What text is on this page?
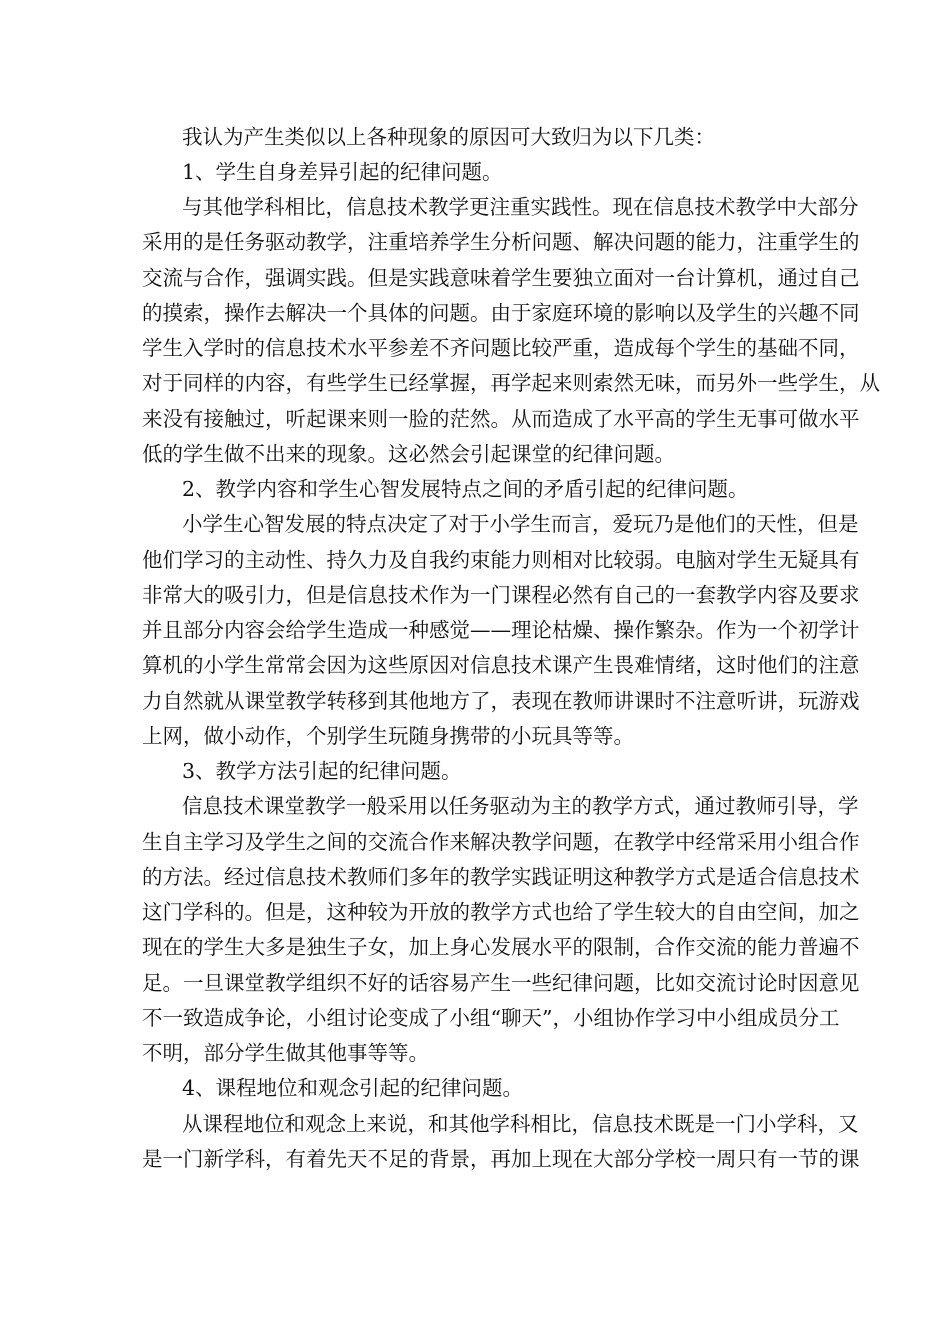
我认为产生类似以上各种现象的原因可大致归为以下几类：
1、学生自身差异引起的纪律问题。
与其他学科相比，信息技术教学更注重实践性。现在信息技术教学中大部分
采用的是任务驱动教学，注重培养学生分析问题、解决问题的能力，注重学生的
交流与合作，强调实践。但是实践意味着学生要独立面对一台计算机，通过自己
的摸索，操作去解决一个具体的问题。由于家庭环境的影响以及学生的兴趣不同
学生入学时的信息技术水平参差不齐问题比较严重，造成每个学生的基础不同，
对于同样的内容，有些学生已经掌握，再学起来则索然无味，而另外一些学生，从
来没有接触过，听起课来则一脸的茫然。从而造成了水平高的学生无事可做水平
低的学生做不出来的现象。这必然会引起课堂的纪律问题。
2、教学内容和学生心智发展特点之间的矛盾引起的纪律问题。
小学生心智发展的特点决定了对于小学生而言，爱玩乃是他们的天性，但是
他们学习的主动性、持久力及自我约束能力则相对比较弱。电脑对学生无疑具有
非常大的吸引力，但是信息技术作为一门课程必然有自己的一套教学内容及要求
并且部分内容会给学生造成一种感觉——理论枯燥、操作繁杂。作为一个初学计
算机的小学生常常会因为这些原因对信息技术课产生畏难情绪，这时他们的注意
力自然就从课堂教学转移到其他地方了，表现在教师讲课时不注意听讲，玩游戏
上网，做小动作，个别学生玩随身携带的小玩具等等。
3、教学方法引起的纪律问题。
信息技术课堂教学一般采用以任务驱动为主的教学方式，通过教师引导，学
生自主学习及学生之间的交流合作来解决教学问题，在教学中经常采用小组合作
的方法。经过信息技术教师们多年的教学实践证明这种教学方式是适合信息技术
这门学科的。但是，这种较为开放的教学方式也给了学生较大的自由空间，加之
现在的学生大多是独生子女，加上身心发展水平的限制，合作交流的能力普遍不
足。一旦课堂教学组织不好的话容易产生一些纪律问题，比如交流讨论时因意见
不一致造成争论，小组讨论变成了小组“聊天”，小组协作学习中小组成员分工
不明，部分学生做其他事等等。
4、课程地位和观念引起的纪律问题。
从课程地位和观念上来说，和其他学科相比，信息技术既是一门小学科，又
是一门新学科，有着先天不足的背景，再加上现在大部分学校一周只有一节的课
